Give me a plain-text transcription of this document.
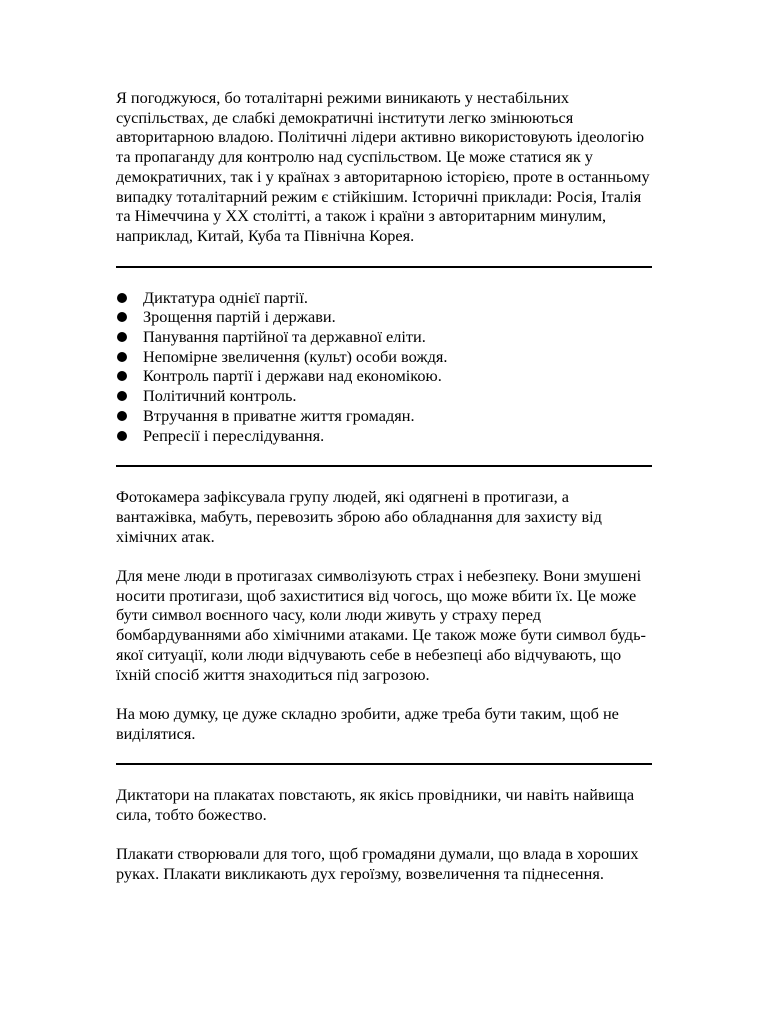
Я погоджуюся, бо тоталітарні режими виникають у нестабільних суспільствах, де слабкі демократичні інститути легко змінюються авторитарною владою. Політичні лідери активно використовують ідеологію та пропаганду для контролю над суспільством. Це може статися як у демократичних, так і у країнах з авторитарною історією, проте в останньому випадку тоталітарний режим є стійкішим. Історичні приклади: Росія, Італія та Німеччина у XX столітті, а також і країни з авторитарним минулим, наприклад, Китай, Куба та Північна Корея.

Диктатура однієї партії.
Зрощення партій і держави.
Панування партійної та державної еліти.
Непомірне звеличення (культ) особи вождя.
Контроль партії і держави над економікою.
Політичний контроль.
Втручання в приватне життя громадян.
Репресії і переслідування.

Фотокамера зафіксувала групу людей, які одягнені в протигази, а вантажівка, мабуть, перевозить зброю або обладнання для захисту від хімічних атак.

Для мене люди в протигазах символізують страх і небезпеку. Вони змушені носити протигази, щоб захиститися від чогось, що може вбити їх. Це може бути символ воєнного часу, коли люди живуть у страху перед бомбардуваннями або хімічними атаками. Це також може бути символ будь-якої ситуації, коли люди відчувають себе в небезпеці або відчувають, що їхній спосіб життя знаходиться під загрозою.

На мою думку, це дуже складно зробити, адже треба бути таким, щоб не виділятися.

Диктатори на плакатах повстають, як якісь провідники, чи навіть найвища сила, тобто божество.

Плакати створювали для того, щоб громадяни думали, що влада в хороших руках. Плакати викликають дух героїзму, возвеличення та піднесення.
